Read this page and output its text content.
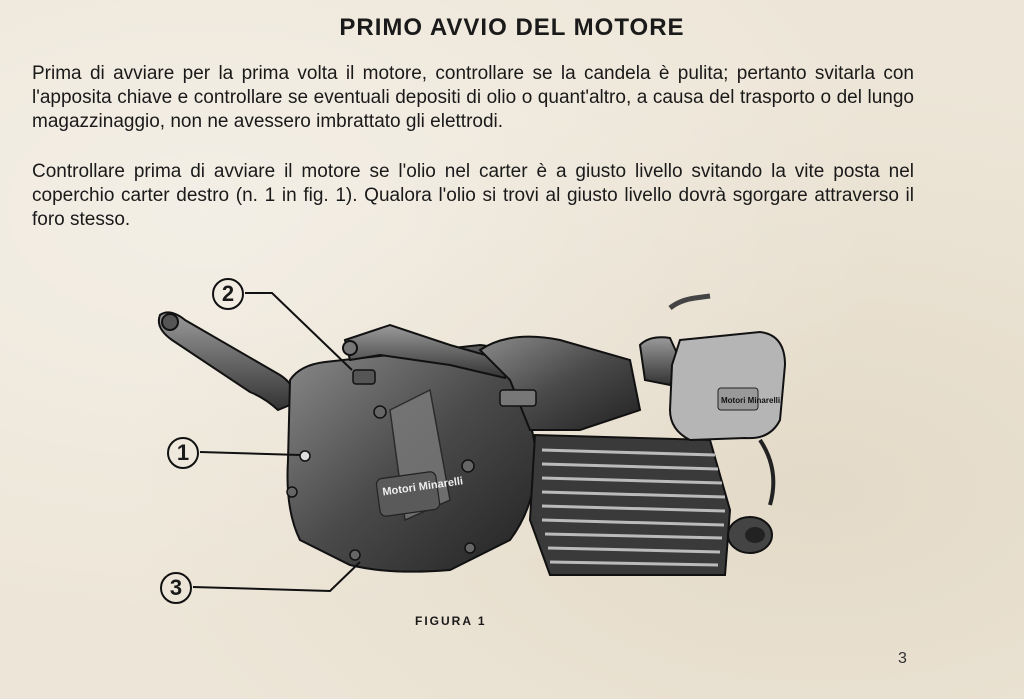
PRIMO AVVIO DEL MOTORE

Prima di avviare per la prima volta il motore, controllare se la candela è pulita; pertanto svitarla con l'apposita chiave e controllare se eventuali depositi di olio o quant'altro, a causa del trasporto o del lungo magazzinaggio, non ne avessero imbrattato gli elettrodi.

Controllare prima di avviare il motore se l'olio nel carter è a giusto livello svitando la vite posta nel coperchio carter destro (n. 1 in fig. 1). Qualora l'olio si trovi al giusto livello dovrà sgorgare attraverso il foro stesso.

Motori Minarelli
Motori Minarelli
2
1
3
FIGURA 1
3
